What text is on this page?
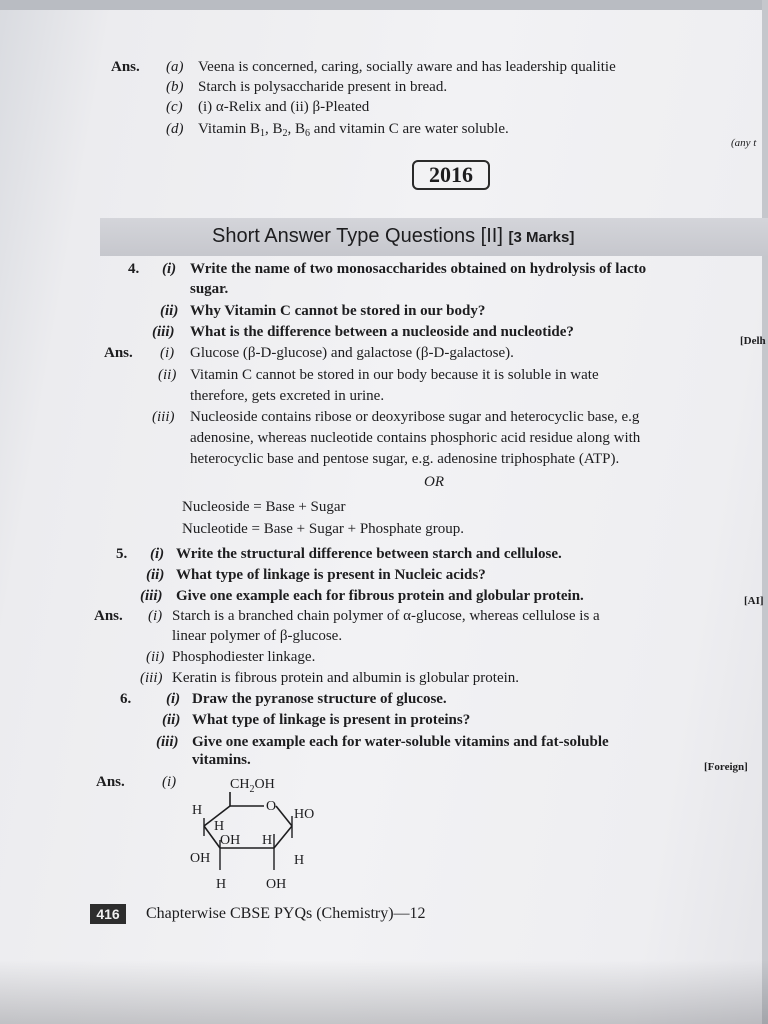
Ans. (a) Veena is concerned, caring, socially aware and has leadership qualitie
(b) Starch is polysaccharide present in bread.
(c) (i) α-Relix and (ii) β-Pleated
(d) Vitamin $B_1$, $B_2$, $B_6$ and vitamin C are water soluble.
(any t
2016
Short Answer Type Questions [II] [3 Marks]
4. (i) Write the name of two monosaccharides obtained on hydrolysis of lacto
sugar.
(ii) Why Vitamin C cannot be stored in our body?
(iii) What is the difference between a nucleoside and nucleotide?
[Delh
Ans. (i) Glucose (β-D-glucose) and galactose (β-D-galactose).
(ii) Vitamin C cannot be stored in our body because it is soluble in wate
therefore, gets excreted in urine.
(iii) Nucleoside contains ribose or deoxyribose sugar and heterocyclic base, e.g
adenosine, whereas nucleotide contains phosphoric acid residue along with
heterocyclic base and pentose sugar, e.g. adenosine triphosphate (ATP).
OR
Nucleoside = Base + Sugar
Nucleotide = Base + Sugar + Phosphate group.
5. (i) Write the structural difference between starch and cellulose.
(ii) What type of linkage is present in Nucleic acids?
(iii) Give one example each for fibrous protein and globular protein.	[AI]
Ans. (i) Starch is a branched chain polymer of α-glucose, whereas cellulose is a
linear polymer of β-glucose.
(ii) Phosphodiester linkage.
(iii) Keratin is fibrous protein and albumin is globular protein.
6. (i) Draw the pyranose structure of glucose.
(ii) What type of linkage is present in proteins?
(iii) Give one example each for water-soluble vitamins and fat-soluble
vitamins.	[Foreign]
Ans. (i)	$CH_2OH$
O
HO
H
H
OH H
OH	H
H	OH
416	Chapterwise CBSE PYQs (Chemistry)—12
